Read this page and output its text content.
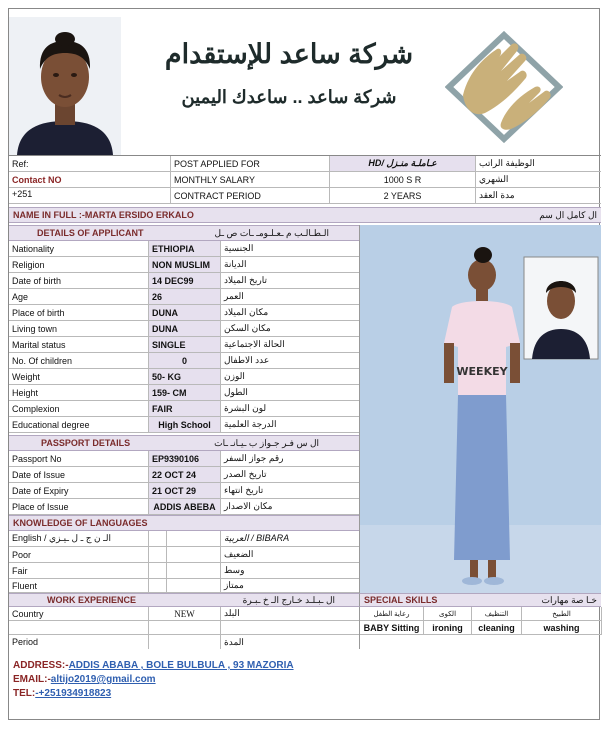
شركة ساعد للإستقدام
شركة ساعد .. ساعدك اليمين
Ref:	POST APPLIED FOR	HD/ عـاملـة منـزل	الوظيفة الراتب
Contact NO	MONTHLY SALARY	1000 S R	الشهري
+251	CONTRACT PERIOD	2 YEARS	مدة العقد
NAME IN FULL :-MARTA ERSIDO ERKALO	ال كامل ال سم
DETAILS OF APPLICANT	الـطـالـب م ـعـلـومـ ـات ص ـل
Nationality	ETHIOPIA	الجنسية
Religion	NON MUSLIM	الديانة
Date of birth	14 DEC99	تاريخ الميلاد
Age	26	العمر
Place of birth	DUNA	مكان الميلاد
Living town	DUNA	مكان السكن
Marital status	SINGLE	الحالة الاجتماعية
No. Of children	0	عدد الاطفال
Weight	50- KG	الوزن
Height	159- CM	الطول
Complexion	FAIR	لون البشرة
Educational degree	High School	الدرجة العلمية
PASSPORT DETAILS	ال س فـر جـواز ب ـيـانـ ـات
Passport No	EP9390106	رقم جواز السفر
Date of Issue	22 OCT 24	تاريخ الصدر
Date of Expiry	21 OCT 29	تاريخ انتهاء
Place of Issue	ADDIS ABEBA مكان الاصدار
KNOWLEDGE OF LANGUAGES
English / الـ ن ج ـ ل ـيـزي	BIBARA / العربية
Poor	الضعيف
Fair	وسط
Fluent	ممتاز
WEEKEY
WORK EXPERIENCE	ال ـبـلـد خـارج الـ خ ـبـرة
Country	NEW	البلد
Period	المدة
SPECIAL SKILLS	خـا صة مهارات
رعاية الطفل	الكوى	التنظيف	الطبيخ
BABY Sitting	ironing	cleaning	washing
ADDRESS:-ADDIS ABABA , BOLE BULBULA , 93 MAZORIA
EMAIL:-altijo2019@gmail.com
TEL:-+251934918823
